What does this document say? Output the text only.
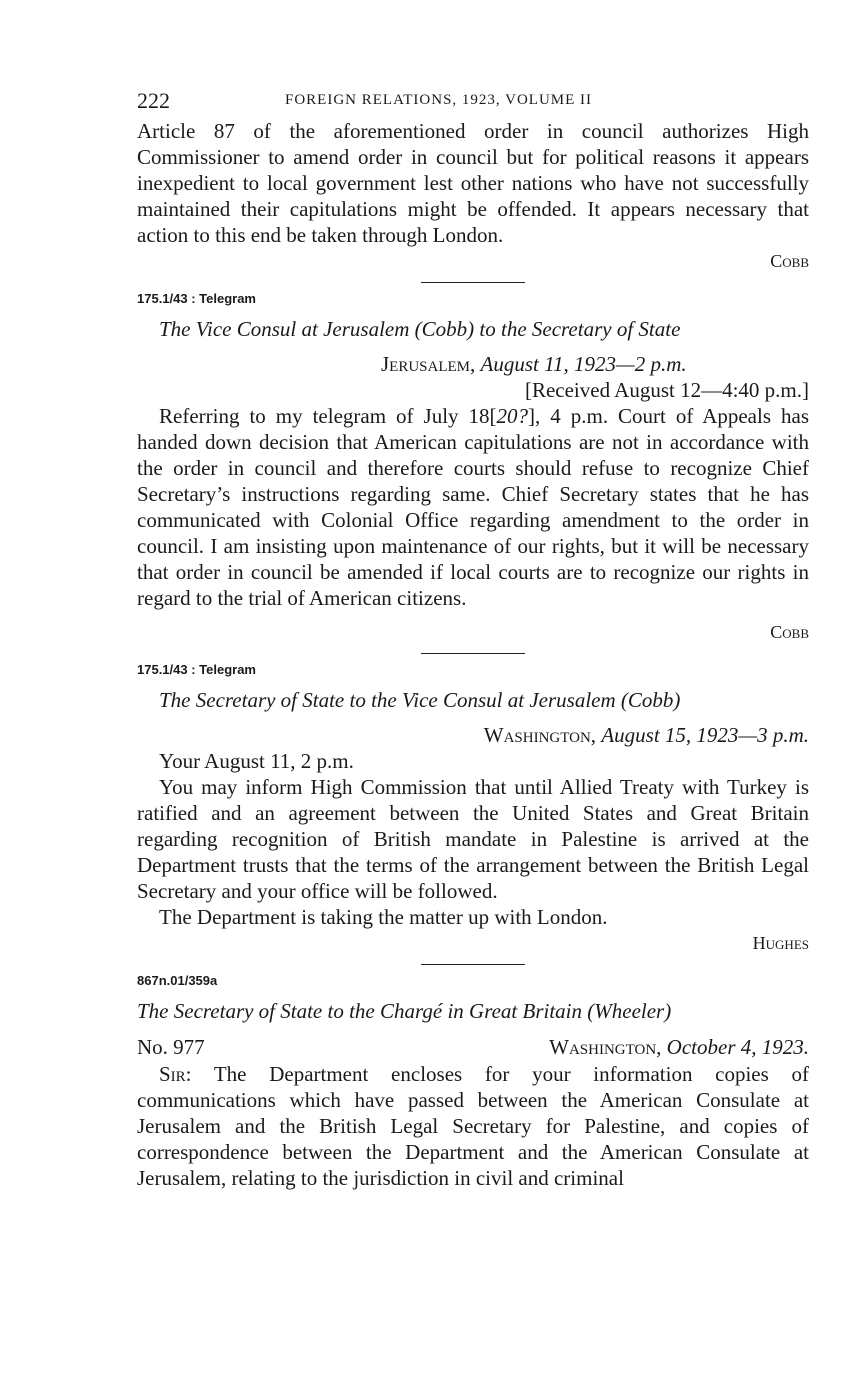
222	FOREIGN RELATIONS, 1923, VOLUME II

Article 87 of the aforementioned order in council authorizes High Commissioner to amend order in council but for political reasons it appears inexpedient to local government lest other nations who have not successfully maintained their capitulations might be offended. It appears necessary that action to this end be taken through London.

Cobb
175.1/43 : Telegram
The Vice Consul at Jerusalem (Cobb) to the Secretary of State
Jerusalem, August 11, 1923—2 p.m.
[Received August 12—4:40 p.m.]

Referring to my telegram of July 18[20?], 4 p.m. Court of Appeals has handed down decision that American capitulations are not in accordance with the order in council and therefore courts should refuse to recognize Chief Secretary’s instructions regarding same. Chief Secretary states that he has communicated with Colonial Office regarding amendment to the order in council. I am insisting upon maintenance of our rights, but it will be necessary that order in council be amended if local courts are to recognize our rights in regard to the trial of American citizens.

Cobb
175.1/43 : Telegram
The Secretary of State to the Vice Consul at Jerusalem (Cobb)
Washington, August 15, 1923—3 p.m.

Your August 11, 2 p.m.

You may inform High Commission that until Allied Treaty with Turkey is ratified and an agreement between the United States and Great Britain regarding recognition of British mandate in Palestine is arrived at the Department trusts that the terms of the arrangement between the British Legal Secretary and your office will be followed.

The Department is taking the matter up with London.

Hughes
867n.01/359a
The Secretary of State to the Chargé in Great Britain (Wheeler)
No. 977	Washington, October 4, 1923.

Sir: The Department encloses for your information copies of communications which have passed between the American Consulate at Jerusalem and the British Legal Secretary for Palestine, and copies of correspondence between the Department and the American Consulate at Jerusalem, relating to the jurisdiction in civil and criminal
